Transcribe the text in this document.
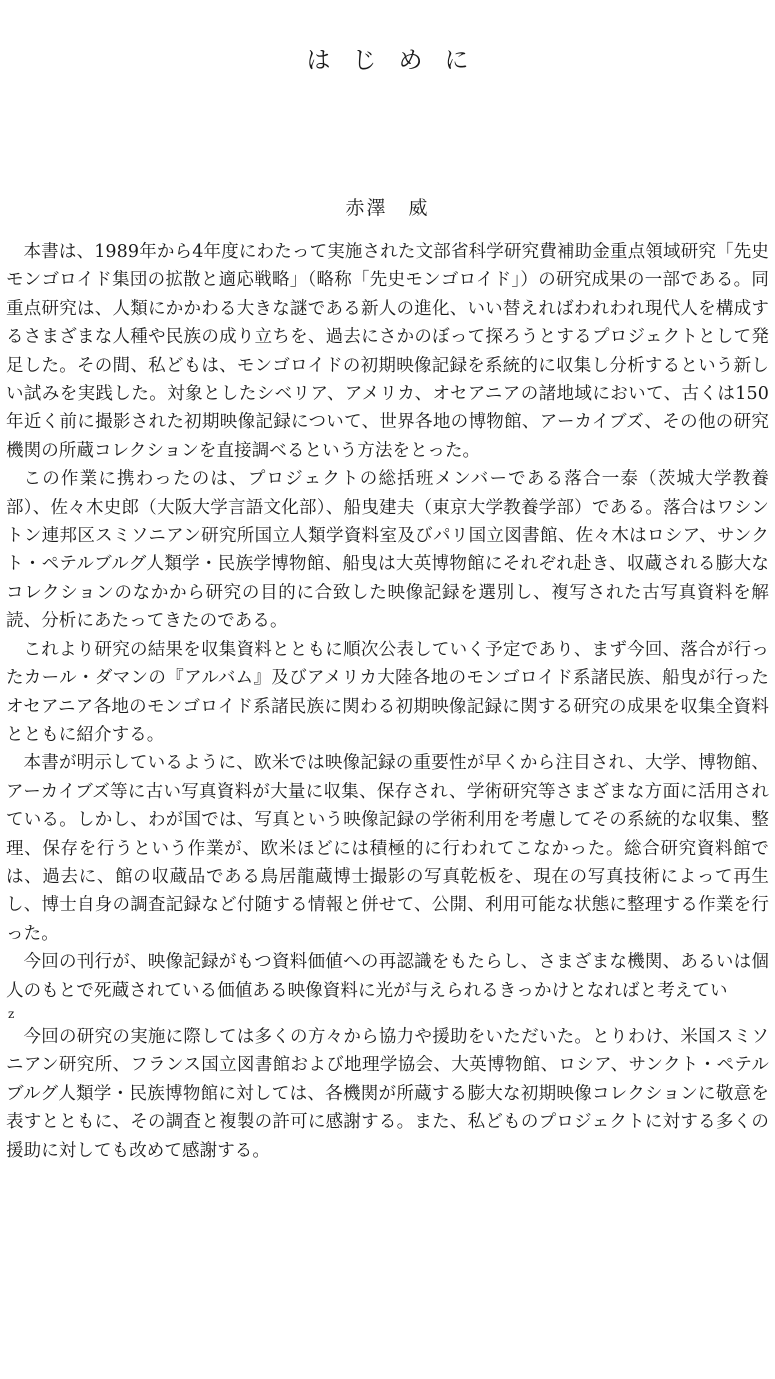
はじめに
赤澤　威

本書は、1989年から4年度にわたって実施された文部省科学研究費補助金重点領域研究「先史モンゴロイド集団の拡散と適応戦略」（略称「先史モンゴロイド」）の研究成果の一部である。同重点研究は、人類にかかわる大きな謎である新人の進化、いい替えればわれわれ現代人を構成するさまざまな人種や民族の成り立ちを、過去にさかのぼって探ろうとするプロジェクトとして発足した。その間、私どもは、モンゴロイドの初期映像記録を系統的に収集し分析するという新しい試みを実践した。対象としたシベリア、アメリカ、オセアニアの諸地域において、古くは150年近く前に撮影された初期映像記録について、世界各地の博物館、アーカイブズ、その他の研究機関の所蔵コレクションを直接調べるという方法をとった。

この作業に携わったのは、プロジェクトの総括班メンバーである落合一泰（茨城大学教養部）、佐々木史郎（大阪大学言語文化部）、船曳建夫（東京大学教養学部）である。落合はワシントン連邦区スミソニアン研究所国立人類学資料室及びパリ国立図書館、佐々木はロシア、サンクト・ペテルブルグ人類学・民族学博物館、船曳は大英博物館にそれぞれ赴き、収蔵される膨大なコレクションのなかから研究の目的に合致した映像記録を選別し、複写された古写真資料を解読、分析にあたってきたのである。

これより研究の結果を収集資料とともに順次公表していく予定であり、まず今回、落合が行ったカール・ダマンの『アルバム』及びアメリカ大陸各地のモンゴロイド系諸民族、船曳が行ったオセアニア各地のモンゴロイド系諸民族に関わる初期映像記録に関する研究の成果を収集全資料とともに紹介する。

本書が明示しているように、欧米では映像記録の重要性が早くから注目され、大学、博物館、アーカイブズ等に古い写真資料が大量に収集、保存され、学術研究等さまざまな方面に活用されている。しかし、わが国では、写真という映像記録の学術利用を考慮してその系統的な収集、整理、保存を行うという作業が、欧米ほどには積極的に行われてこなかった。総合研究資料館では、過去に、館の収蔵品である鳥居龍蔵博士撮影の写真乾板を、現在の写真技術によって再生し、博士自身の調査記録など付随する情報と併せて、公開、利用可能な状態に整理する作業を行った。

今回の刊行が、映像記録がもつ資料価値への再認識をもたらし、さまざまな機関、あるいは個人のもとで死蔵されている価値ある映像資料に光が与えられるきっかけとなればと考えてい

z

今回の研究の実施に際しては多くの方々から協力や援助をいただいた。とりわけ、米国スミソニアン研究所、フランス国立図書館および地理学協会、大英博物館、ロシア、サンクト・ペテルブルグ人類学・民族博物館に対しては、各機関が所蔵する膨大な初期映像コレクションに敬意を表すとともに、その調査と複製の許可に感謝する。また、私どものプロジェクトに対する多くの援助に対しても改めて感謝する。
